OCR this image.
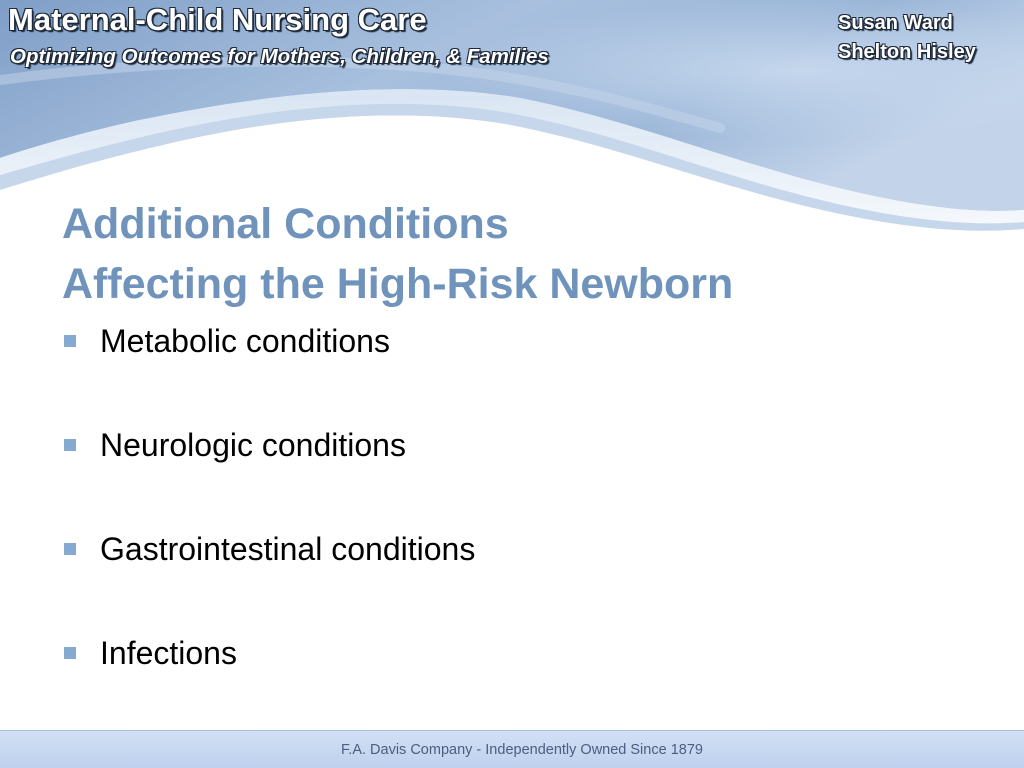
Maternal-Child Nursing Care
Optimizing Outcomes for Mothers, Children, & Families
Susan Ward
Shelton Hisley
Additional Conditions
Affecting the High-Risk Newborn
Metabolic conditions
Neurologic conditions
Gastrointestinal conditions
Infections
F.A. Davis Company - Independently Owned Since 1879
